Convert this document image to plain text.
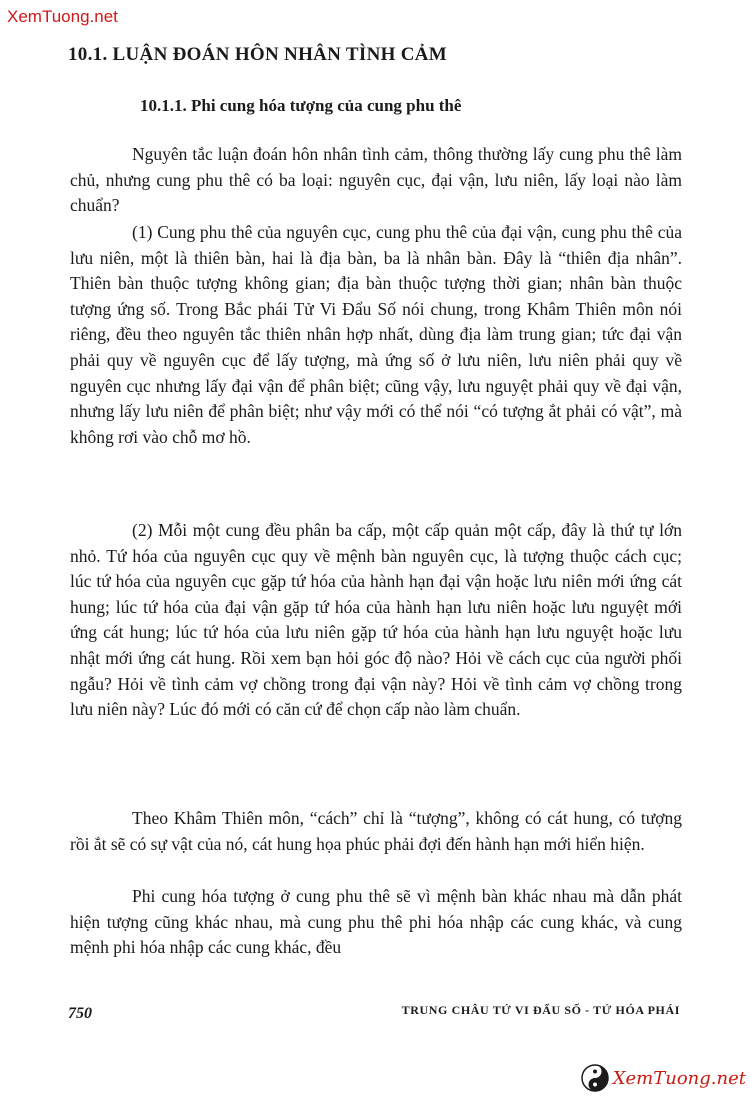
XemTuong.net
10.1. LUẬN ĐOÁN HÔN NHÂN TÌNH CẢM
10.1.1. Phi cung hóa tượng của cung phu thê

Nguyên tắc luận đoán hôn nhân tình cảm, thông thường lấy cung phu thê làm chủ, nhưng cung phu thê có ba loại: nguyên cục, đại vận, lưu niên, lấy loại nào làm chuẩn?

(1) Cung phu thê của nguyên cục, cung phu thê của đại vận, cung phu thê của lưu niên, một là thiên bàn, hai là địa bàn, ba là nhân bàn. Đây là “thiên địa nhân”. Thiên bàn thuộc tượng không gian; địa bàn thuộc tượng thời gian; nhân bàn thuộc tượng ứng số. Trong Bắc phái Tử Vi Đẩu Số nói chung, trong Khâm Thiên môn nói riêng, đều theo nguyên tắc thiên nhân hợp nhất, dùng địa làm trung gian; tức đại vận phải quy về nguyên cục để lấy tượng, mà ứng số ở lưu niên, lưu niên phải quy về nguyên cục nhưng lấy đại vận để phân biệt; cũng vậy, lưu nguyệt phải quy về đại vận, nhưng lấy lưu niên để phân biệt; như vậy mới có thể nói “có tượng ắt phải có vật”, mà không rơi vào chỗ mơ hồ.

(2) Mỗi một cung đều phân ba cấp, một cấp quản một cấp, đây là thứ tự lớn nhỏ. Tứ hóa của nguyên cục quy về mệnh bàn nguyên cục, là tượng thuộc cách cục; lúc tứ hóa của nguyên cục gặp tứ hóa của hành hạn đại vận hoặc lưu niên mới ứng cát hung; lúc tứ hóa của đại vận gặp tứ hóa của hành hạn lưu niên hoặc lưu nguyệt mới ứng cát hung; lúc tứ hóa của lưu niên gặp tứ hóa của hành hạn lưu nguyệt hoặc lưu nhật mới ứng cát hung. Rồi xem bạn hỏi góc độ nào? Hỏi về cách cục của người phối ngẫu? Hỏi về tình cảm vợ chồng trong đại vận này? Hỏi về tình cảm vợ chồng trong lưu niên này? Lúc đó mới có căn cứ để chọn cấp nào làm chuẩn.

Theo Khâm Thiên môn, “cách” chỉ là “tượng”, không có cát hung, có tượng rồi ắt sẽ có sự vật của nó, cát hung họa phúc phải đợi đến hành hạn mới hiển hiện.

Phi cung hóa tượng ở cung phu thê sẽ vì mệnh bàn khác nhau mà dẫn phát hiện tượng cũng khác nhau, mà cung phu thê phi hóa nhập các cung khác, và cung mệnh phi hóa nhập các cung khác, đều

750	TRUNG CHÂU TỨ VI ĐẨU SỐ - TỨ HÓA PHÁI
XemTuong.net
